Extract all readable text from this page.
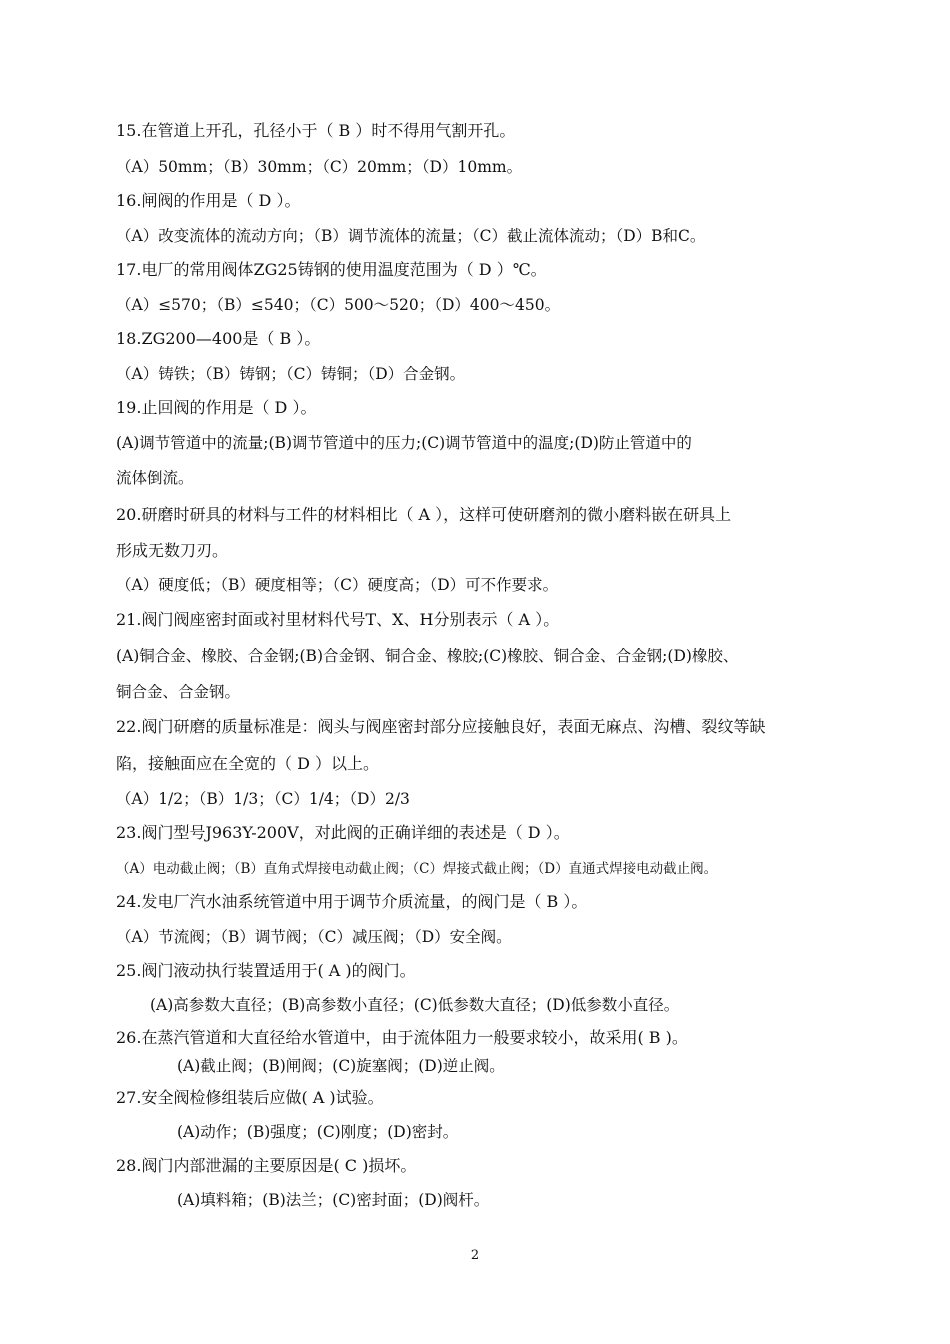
15.在管道上开孔，孔径小于（ B ）时不得用气割开孔。
（A）50mm；（B）30mm；（C）20mm；（D）10mm。
16.闸阀的作用是（ D ）。
（A）改变流体的流动方向；（B）调节流体的流量；（C）截止流体流动；（D）B和C。
17.电厂的常用阀体ZG25铸钢的使用温度范围为（ D ）℃。
（A）≤570；（B）≤540；（C）500～520；（D）400～450。
18.ZG200—400是（ B ）。
（A）铸铁；（B）铸钢；（C）铸铜；（D）合金钢。
19.止回阀的作用是（ D ）。
(A)调节管道中的流量;(B)调节管道中的压力;(C)调节管道中的温度;(D)防止管道中的
流体倒流。
20.研磨时研具的材料与工件的材料相比（ A ），这样可使研磨剂的微小磨料嵌在研具上
形成无数刀刃。
（A）硬度低；（B）硬度相等；（C）硬度高；（D）可不作要求。
21.阀门阀座密封面或衬里材料代号T、X、H分别表示（ A ）。
(A)铜合金、橡胶、合金钢;(B)合金钢、铜合金、橡胶;(C)橡胶、铜合金、合金钢;(D)橡胶、
铜合金、合金钢。
22.阀门研磨的质量标准是：阀头与阀座密封部分应接触良好，表面无麻点、沟槽、裂纹等缺
陷，接触面应在全宽的（ D ）以上。
（A）1/2；（B）1/3；（C）1/4；（D）2/3
23.阀门型号J963Y-200V，对此阀的正确详细的表述是（ D ）。
（A）电动截止阀；（B）直角式焊接电动截止阀；（C）焊接式截止阀；（D）直通式焊接电动截止阀。
24.发电厂汽水油系统管道中用于调节介质流量，的阀门是（ B ）。
（A）节流阀；（B）调节阀；（C）减压阀；（D）安全阀。
25.阀门液动执行装置适用于( A )的阀门。
(A)高参数大直径；(B)高参数小直径；(C)低参数大直径；(D)低参数小直径。
26.在蒸汽管道和大直径给水管道中，由于流体阻力一般要求较小，故采用( B )。
(A)截止阀；(B)闸阀；(C)旋塞阀；(D)逆止阀。
27.安全阀检修组装后应做( A )试验。
(A)动作；(B)强度；(C)刚度；(D)密封。
28.阀门内部泄漏的主要原因是( C )损坏。
(A)填料箱；(B)法兰；(C)密封面；(D)阀杆。
2
